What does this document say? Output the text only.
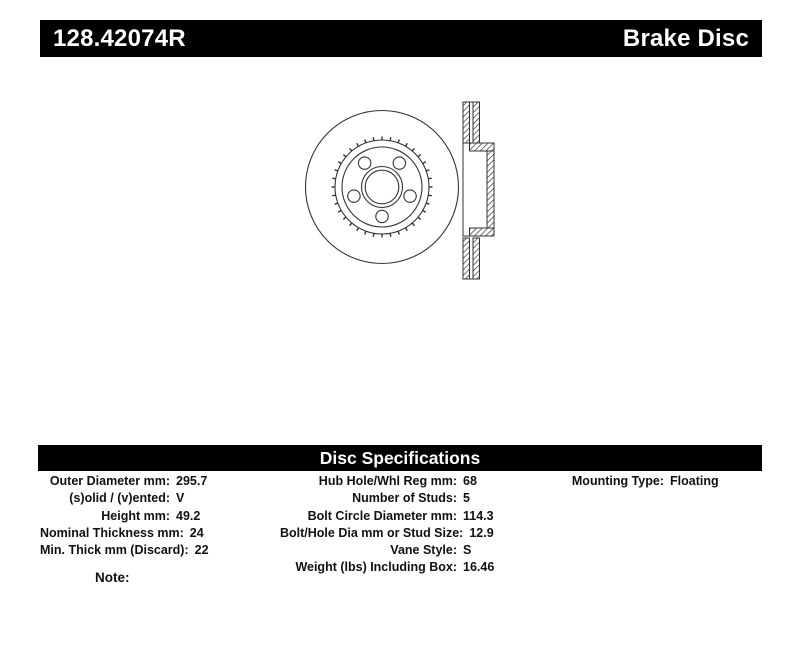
128.42074R	Brake Disc
Disc Specifications
Outer Diameter mm: 295.7
(s)olid / (v)ented: V
Height mm: 49.2
Nominal Thickness mm: 24
Min. Thick mm (Discard): 22
Hub Hole/Whl Reg mm: 68
Number of Studs: 5
Bolt Circle Diameter mm: 114.3
Bolt/Hole Dia mm or Stud Size: 12.9
Vane Style: S
Weight (lbs) Including Box: 16.46
Mounting Type: Floating
Note:
